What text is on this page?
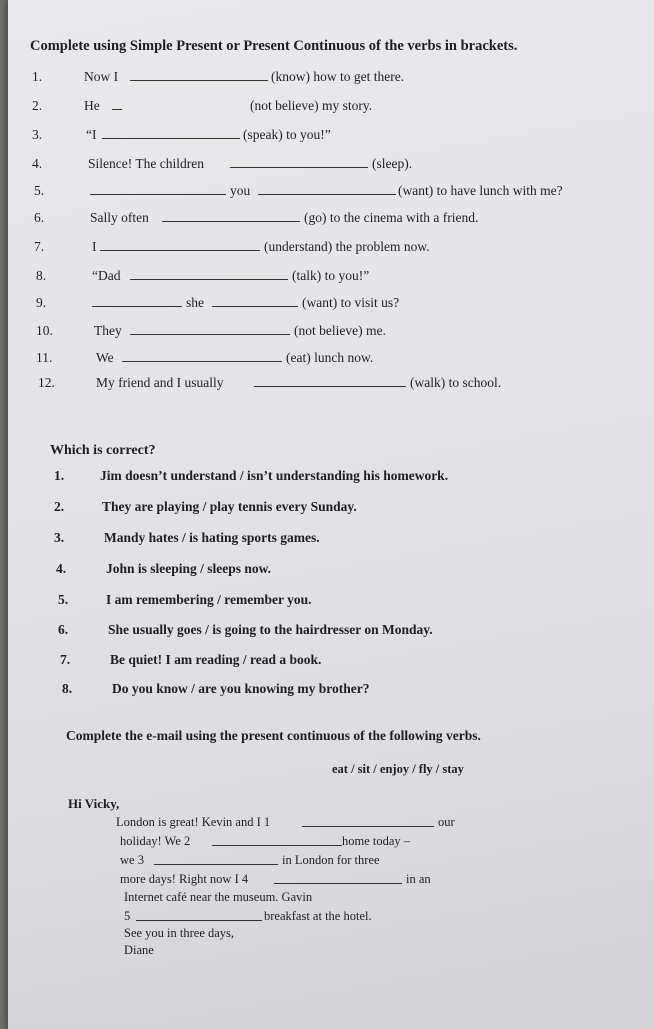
Complete using Simple Present or Present Continuous of the verbs in brackets.
1.	Now I	(know) how to get there.
2.	He	(not believe) my story.
3.	“I	(speak) to you!”
4.	Silence! The children	(sleep).
5.	you	(want) to have lunch with me?
6.	Sally often	(go) to the cinema with a friend.
7.	I	(understand) the problem now.
8.	“Dad	(talk) to you!”
9.	she	(want) to visit us?
10.	They	(not believe) me.
11.	We	(eat) lunch now.
12.	My friend and I usually	(walk) to school.
Which is correct?
1.	Jim doesn’t understand / isn’t understanding his homework.
2.	They are playing / play tennis every Sunday.
3.	Mandy hates / is hating sports games.
4.	John is sleeping / sleeps now.
5.	I am remembering / remember you.
6.	She usually goes / is going to the hairdresser on Monday.
7.	Be quiet! I am reading / read a book.
8.	Do you know / are you knowing my brother?
Complete the e-mail using the present continuous of the following verbs.
eat / sit / enjoy / fly / stay
Hi Vicky,
London is great! Kevin and I 1	our
holiday! We 2	home today –
we 3	in London for three
more days! Right now I 4	in an
Internet café near the museum. Gavin
5	breakfast at the hotel.
See you in three days,
Diane
